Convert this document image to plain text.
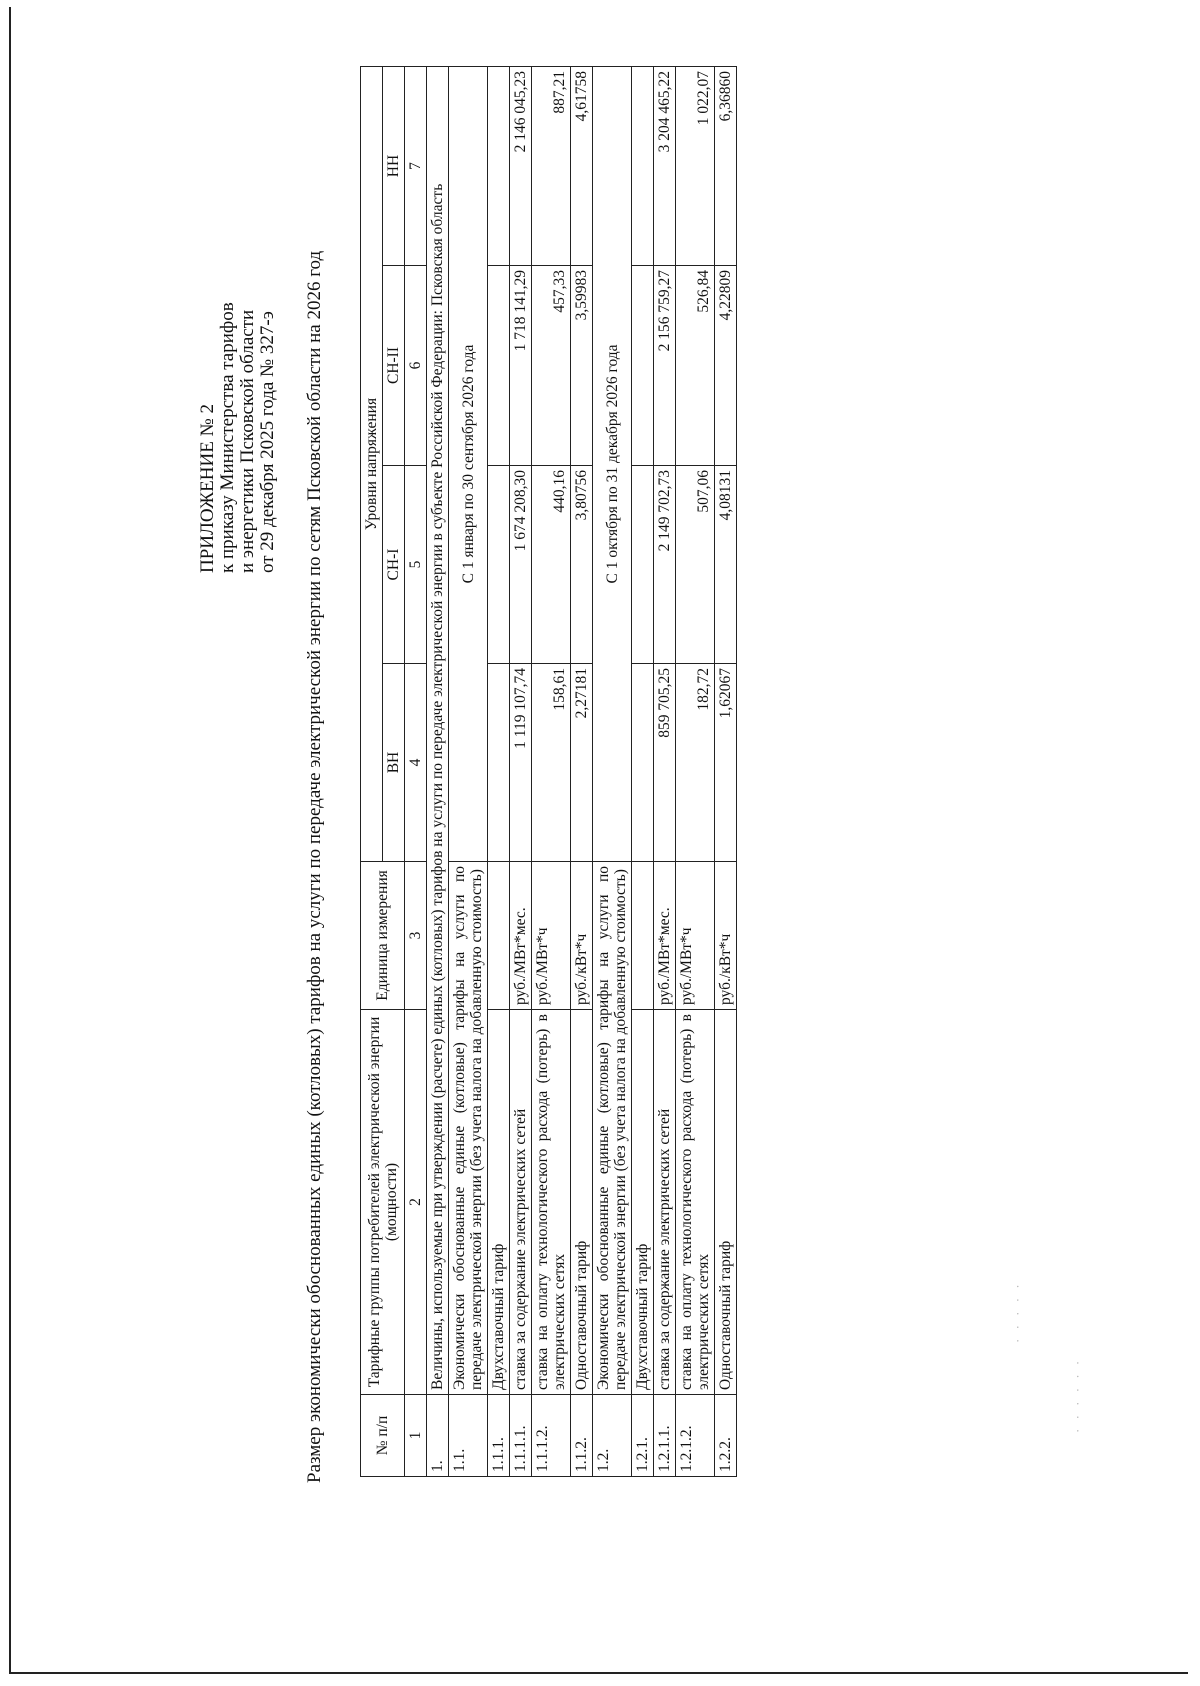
ПРИЛОЖЕНИЕ № 2 к приказу Министерства тарифов и энергетики Псковской области от 29 декабря 2025 года № 327-э Размер экономически обоснованных единых (котловых) тарифов на услуги по передаче электрической энергии по сетям Псковской области на 2026 год	№ п/п	Тарифные группы потребителей электрической энергии (мощности)	Единица измерения	Уровни напряжения			
			ВН	СН-I	СН-II	НН
1	2	3	4	5	6	7
1.	Величины, используемые при утверждении (расчете) единых (котловых) тарифов на услуги по передаче электрической энергии в субъекте Российской Федерации: Псковская область					
1.1.	Экономически обоснованные единые (котловые) тарифы на услуги по передаче электрической энергии (без учета налога на добавленную стоимость)		С 1 января по 30 сентября 2026 года			
1.1.1.	Двухставочный тариф					
1.1.1.1.	ставка за содержание электрических сетей	руб./МВт*мес.	1 119 107,74	1 674 208,30	1 718 141,29	2 146 045,23
1.1.1.2.	ставка на оплату технологического расхода (потерь) в электрических сетях	руб./МВт*ч	158,61	440,16	457,33	887,21
1.1.2.	Одноставочный тариф	руб./кВт*ч	2,27181	3,80756	3,59983	4,61758
1.2.	Экономически обоснованные единые (котловые) тарифы на услуги по передаче электрической энергии (без учета налога на добавленную стоимость)		С 1 октября по 31 декабря 2026 года			
1.2.1.	Двухставочный тариф					
1.2.1.1.	ставка за содержание электрических сетей	руб./МВт*мес.	859 705,25	2 149 702,73	2 156 759,27	3 204 465,22
1.2.1.2.	ставка на оплату технологического расхода (потерь) в электрических сетях	руб./МВт*ч	182,72	507,06	526,84	1 022,07
1.2.2.	Одноставочный тариф	руб./кВт*ч	1,62067	4,08131	4,22809	6,36860
· · · · ·
· · · · · ·
